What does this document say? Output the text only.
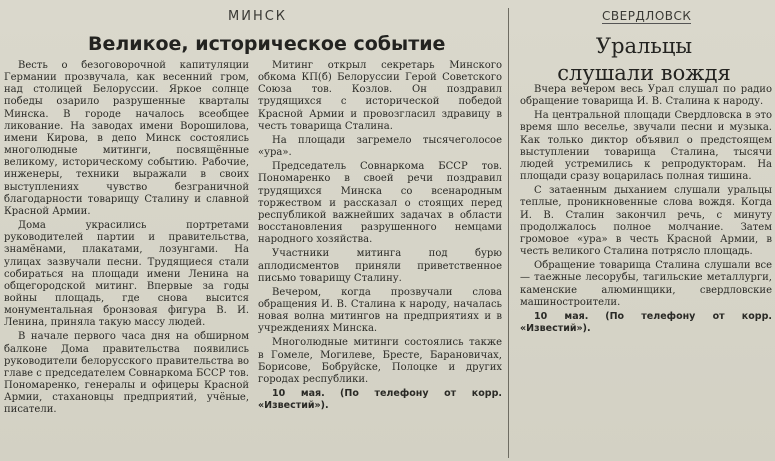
МИНСК
Великое, историческое событие

Весть о безоговорочной капитуляции Германии прозвучала, как весенний гром, над столицей Белоруссии. Яркое солнце победы озарило разрушенные кварталы Минска. В городе началось всеобщее ликование. На заводах имени Ворошилова, имени Кирова, в депо Минск состоялись многолюдные митинги, посвящённые великому, историческому событию. Рабочие, инженеры, техники выражали в своих выступлениях чувство безграничной благодарности товарищу Сталину и славной Красной Армии.

Дома украсились портретами руководителей партии и правительства, знамёнами, плакатами, лозунгами. На улицах зазвучали песни. Трудящиеся стали собираться на площади имени Ленина на общегородской митинг. Впервые за годы войны площадь, где снова высится монументальная бронзовая фигура В. И. Ленина, приняла такую массу людей.

В начале первого часа дня на обширном балконе Дома правительства появились руководители белорусского правительства во главе с председателем Совнаркома БССР тов. Пономаренко, генералы и офицеры Красной Армии, стахановцы предприятий, учёные, писатели.

Митинг открыл секретарь Минского обкома КП(б) Белоруссии Герой Советского Союза тов. Козлов. Он поздравил трудящихся с исторической победой Красной Армии и провозгласил здравицу в честь товарища Сталина.

На площади загремело тысячеголосое «ура».

Председатель Совнаркома БССР тов. Пономаренко в своей речи поздравил трудящихся Минска со всенародным торжеством и рассказал о стоящих перед республикой важнейших задачах в области восстановления разрушенного немцами народного хозяйства.

Участники митинга под бурю аплодисментов приняли приветственное письмо товарищу Сталину.

Вечером, когда прозвучали слова обращения И. В. Сталина к народу, началась новая волна митингов на предприятиях и в учреждениях Минска.

Многолюдные митинги состоялись также в Гомеле, Могилеве, Бресте, Барановичах, Борисове, Бобруйске, Полоцке и других городах республики.

10 мая. (По телефону от корр. «Известий»).

СВЕРДЛОВСК
Уральцы слушали вождя

Вчера вечером весь Урал слушал по радио обращение товарища И. В. Сталина к народу.

На центральной площади Свердловска в это время шло веселье, звучали песни и музыка. Как только диктор объявил о предстоящем выступлении товарища Сталина, тысячи людей устремились к репродукторам. На площади сразу воцарилась полная тишина.

С затаенным дыханием слушали уральцы теплые, проникновенные слова вождя. Когда И. В. Сталин закончил речь, с минуту продолжалось полное молчание. Затем громовое «ура» в честь Красной Армии, в честь великого Сталина потрясло площадь.

Обращение товарища Сталина слушали все — таежные лесорубы, тагильские металлурги, каменские алюминщики, свердловские машиностроители.

10 мая. (По телефону от корр. «Известий»).
